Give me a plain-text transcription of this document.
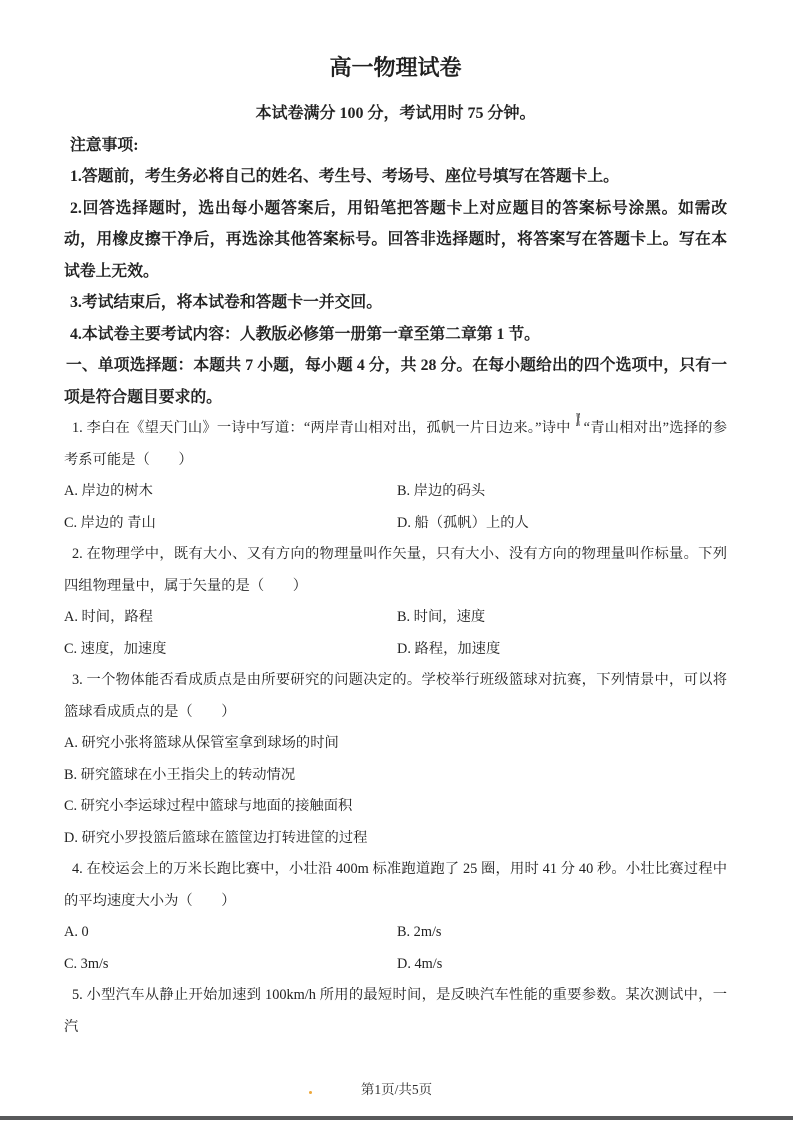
高一物理试卷

本试卷满分 100 分，考试用时 75 分钟。

注意事项:

1.答题前，考生务必将自己的姓名、考生号、考场号、座位号填写在答题卡上。

2.回答选择题时，选出每小题答案后，用铅笔把答题卡上对应题目的答案标号涂黑。如需改动，用橡皮擦干净后，再选涂其他答案标号。回答非选择题时，将答案写在答题卡上。写在本试卷上无效。

3.考试结束后，将本试卷和答题卡一并交回。

4.本试卷主要考试内容：人教版必修第一册第一章至第二章第 1 节。

一、单项选择题：本题共 7 小题，每小题 4 分，共 28 分。在每小题给出的四个选项中，只有一项是符合题目要求的。

1. 李白在《望天门山》一诗中写道：“两岸青山相对出，孤帆一片日边来。”诗中 “青山相对出”选择的参考系可能是（　　）

A. 岸边的树木	B. 岸边的码头
C. 岸边的 青山	D. 船（孤帆）上的人

2. 在物理学中，既有大小、又有方向的物理量叫作矢量，只有大小、没有方向的物理量叫作标量。下列四组物理量中，属于矢量的是（　　）

A. 时间，路程	B. 时间，速度
C. 速度，加速度	D. 路程，加速度

3. 一个物体能否看成质点是由所要研究的问题决定的。学校举行班级篮球对抗赛，下列情景中，可以将篮球看成质点的是（　　）

A. 研究小张将篮球从保管室拿到球场的时间
B. 研究篮球在小王指尖上的转动情况
C. 研究小李运球过程中篮球与地面的接触面积
D. 研究小罗投篮后篮球在篮筐边打转进筐的过程

4. 在校运会上的万米长跑比赛中，小壮沿 400m 标准跑道跑了 25 圈，用时 41 分 40 秒。小壮比赛过程中的平均速度大小为（　　）

A. 0	B. 2m/s
C. 3m/s	D. 4m/s

5. 小型汽车从静止开始加速到 100km/h 所用的最短时间，是反映汽车性能的重要参数。某次测试中，一汽

第1页/共5页
